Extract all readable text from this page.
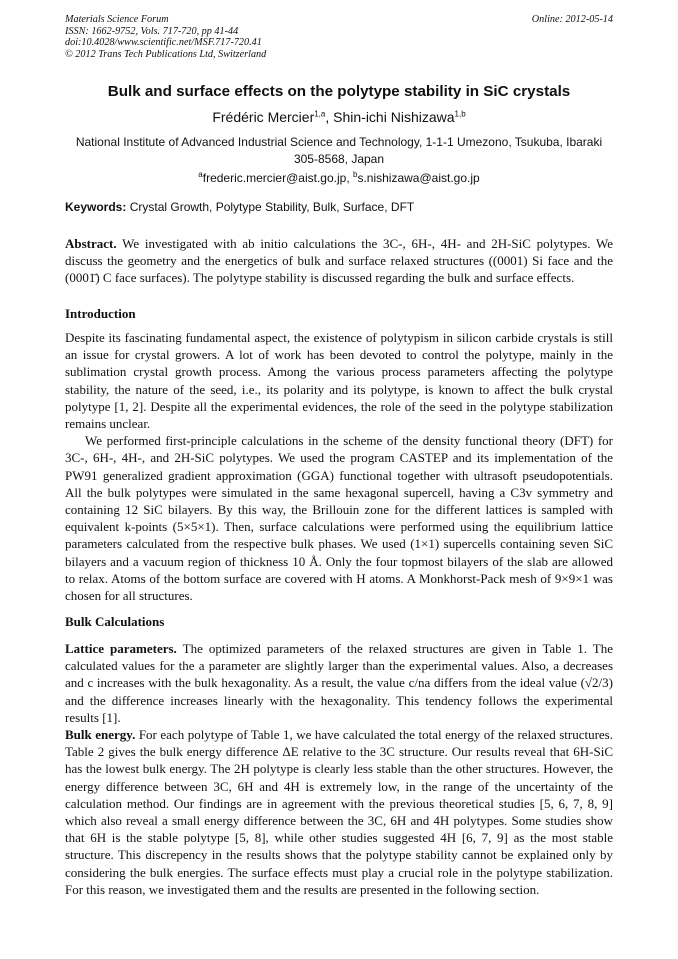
Materials Science Forum
ISSN: 1662-9752, Vols. 717-720, pp 41-44
doi:10.4028/www.scientific.net/MSF.717-720.41
© 2012 Trans Tech Publications Ltd, Switzerland
Online: 2012-05-14
Bulk and surface effects on the polytype stability in SiC crystals
Frédéric Mercier$^{1,a}$, Shin-ichi Nishizawa$^{1,b}$
National Institute of Advanced Industrial Science and Technology, 1-1-1 Umezono, Tsukuba, Ibaraki 305-8568, Japan
$^a$frederic.mercier@aist.go.jp, $^b$s.nishizawa@aist.go.jp
Keywords: Crystal Growth, Polytype Stability, Bulk, Surface, DFT

Abstract. We investigated with ab initio calculations the 3C-, 6H-, 4H- and 2H-SiC polytypes. We discuss the geometry and the energetics of bulk and surface relaxed structures ((0001) Si face and the (0001̄) C face surfaces). The polytype stability is discussed regarding the bulk and surface effects.

Introduction

Despite its fascinating fundamental aspect, the existence of polytypism in silicon carbide crystals is still an issue for crystal growers. A lot of work has been devoted to control the polytype, mainly in the sublimation crystal growth process. Among the various process parameters affecting the polytype stability, the nature of the seed, i.e., its polarity and its polytype, is known to affect the bulk crystal polytype [1, 2]. Despite all the experimental evidences, the role of the seed in the polytype stabilization remains unclear.

We performed first-principle calculations in the scheme of the density functional theory (DFT) for 3C-, 6H-, 4H-, and 2H-SiC polytypes. We used the program CASTEP and its implementation of the PW91 generalized gradient approximation (GGA) functional together with ultrasoft pseudopotentials. All the bulk polytypes were simulated in the same hexagonal supercell, having a C3v symmetry and containing 12 SiC bilayers. By this way, the Brillouin zone for the different lattices is sampled with equivalent k-points (5×5×1). Then, surface calculations were performed using the equilibrium lattice parameters calculated from the respective bulk phases. We used (1×1) supercells containing seven SiC bilayers and a vacuum region of thickness 10 Å. Only the four topmost bilayers of the slab are allowed to relax. Atoms of the bottom surface are covered with H atoms. A Monkhorst-Pack mesh of 9×9×1 was chosen for all structures.

Bulk Calculations

Lattice parameters. The optimized parameters of the relaxed structures are given in Table 1. The calculated values for the a parameter are slightly larger than the experimental values. Also, a decreases and c increases with the bulk hexagonality. As a result, the value c/na differs from the ideal value (√2/3) and the difference increases linearly with the hexagonality. This tendency follows the experimental results [1].

Bulk energy. For each polytype of Table 1, we have calculated the total energy of the relaxed structures. Table 2 gives the bulk energy difference ΔE relative to the 3C structure. Our results reveal that 6H-SiC has the lowest bulk energy. The 2H polytype is clearly less stable than the other structures. However, the energy difference between 3C, 6H and 4H is extremely low, in the range of the uncertainty of the calculation method. Our findings are in agreement with the previous theoretical studies [5, 6, 7, 8, 9] which also reveal a small energy difference between the 3C, 6H and 4H polytypes. Some studies show that 6H is the stable polytype [5, 8], while other studies suggested 4H [6, 7, 9] as the most stable structure. This discrepency in the results shows that the polytype stability cannot be explained only by considering the bulk energies. The surface effects must play a crucial role in the polytype stabilization. For this reason, we investigated them and the results are presented in the following section.
